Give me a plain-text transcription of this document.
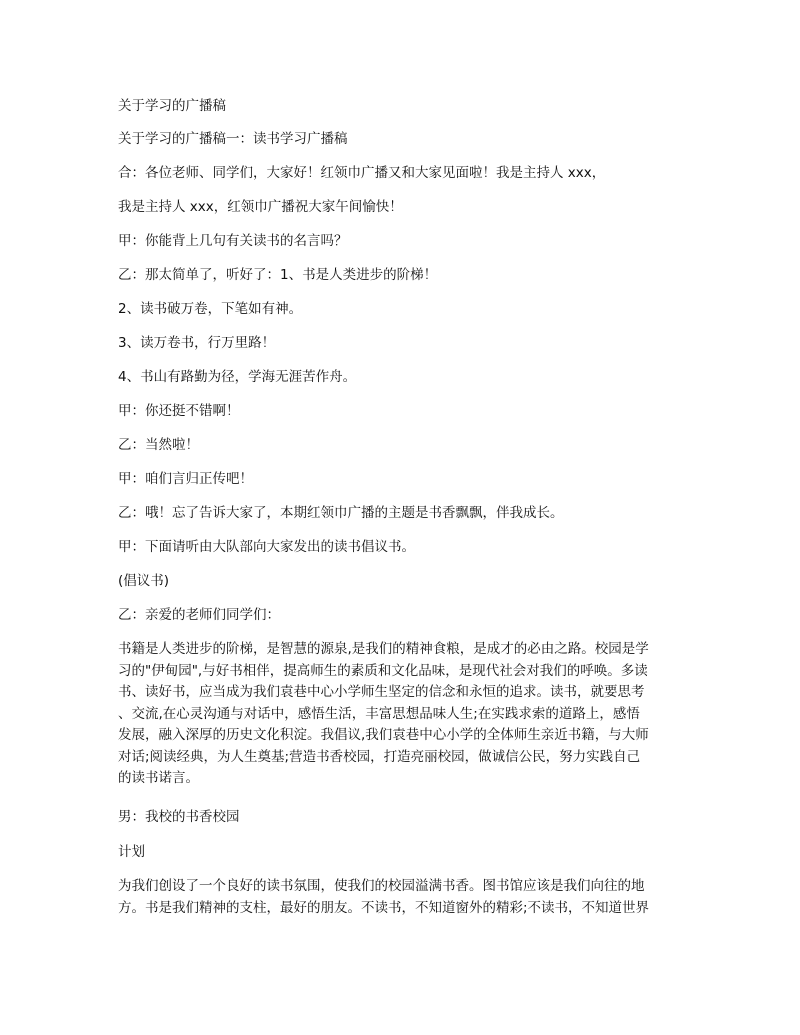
关于学习的广播稿

关于学习的广播稿一：读书学习广播稿

合：各位老师、同学们，大家好！红领巾广播又和大家见面啦！我是主持人 xxx，

我是主持人 xxx，红领巾广播祝大家午间愉快！

甲：你能背上几句有关读书的名言吗？

乙：那太简单了，听好了：1、书是人类进步的阶梯！

2、读书破万卷，下笔如有神。

3、读万卷书，行万里路！

4、书山有路勤为径，学海无涯苦作舟。

甲：你还挺不错啊！

乙：当然啦！

甲：咱们言归正传吧！

乙：哦！忘了告诉大家了，本期红领巾广播的主题是书香飘飘，伴我成长。

甲：下面请听由大队部向大家发出的读书倡议书。

(倡议书)

乙：亲爱的老师们同学们：

书籍是人类进步的阶梯，是智慧的源泉,是我们的精神食粮，是成才的必由之路。校园是学
习的"伊甸园",与好书相伴，提高师生的素质和文化品味，是现代社会对我们的呼唤。多读
书、读好书，应当成为我们袁巷中心小学师生坚定的信念和永恒的追求。读书，就要思考
、交流,在心灵沟通与对话中，感悟生活，丰富思想品味人生;在实践求索的道路上，感悟
发展，融入深厚的历史文化积淀。我倡议,我们袁巷中心小学的全体师生亲近书籍，与大师
对话;阅读经典，为人生奠基;营造书香校园，打造亮丽校园，做诚信公民，努力实践自己
的读书诺言。

男：我校的书香校园

计划

为我们创设了一个良好的读书氛围，使我们的校园溢满书香。图书馆应该是我们向往的地
方。书是我们精神的支柱，最好的朋友。不读书，不知道窗外的精彩;不读书，不知道世界
